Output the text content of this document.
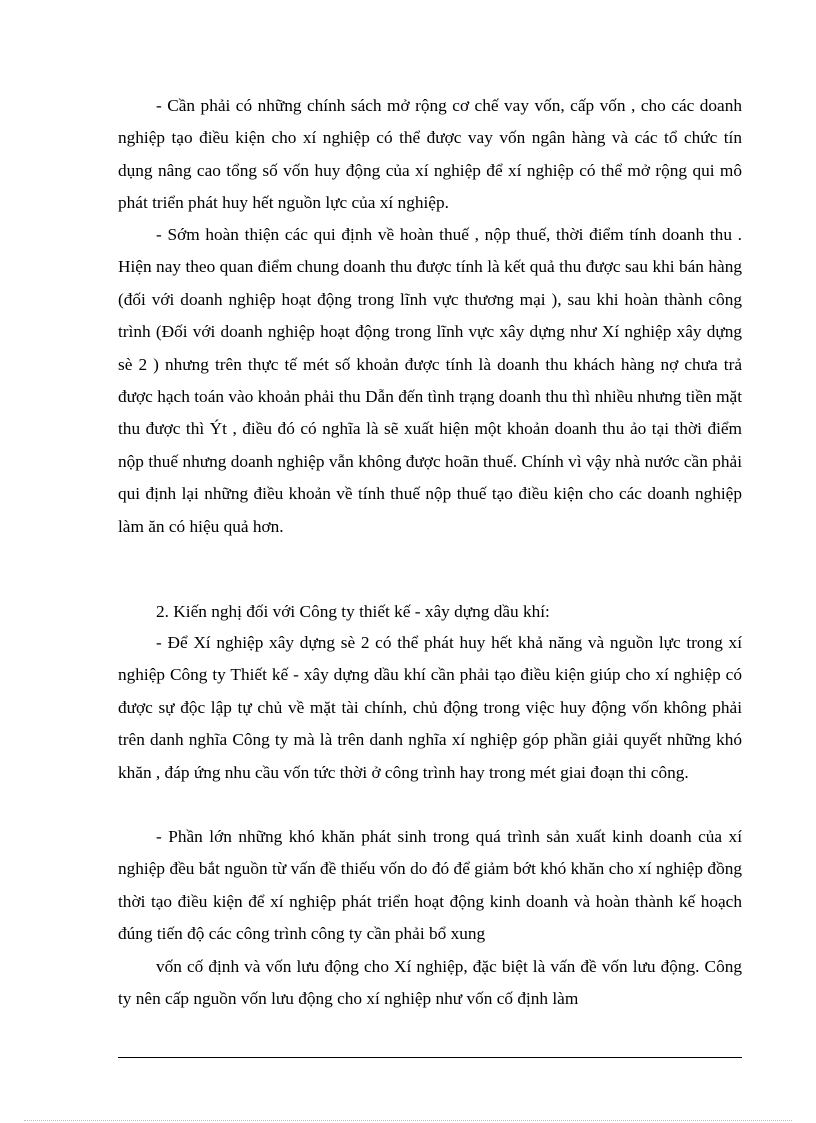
- Cần phải có những chính sách mở rộng cơ chế vay vốn, cấp vốn , cho các doanh nghiệp tạo điều kiện cho xí nghiệp có thể được vay vốn ngân hàng và các tổ chức tín dụng nâng cao tổng số vốn huy động của xí nghiệp để xí nghiệp có thể mở rộng qui mô phát triển phát huy hết nguồn lực của xí nghiệp.

- Sớm hoàn thiện các qui định về hoàn thuế , nộp thuế, thời điểm tính doanh thu . Hiện nay theo quan điểm chung doanh thu được tính là kết quả thu được sau khi bán hàng (đối với doanh nghiệp hoạt động trong lĩnh vực thương mại ), sau khi hoàn thành công trình (Đối với doanh nghiệp hoạt động trong lĩnh vực xây dựng như Xí nghiệp xây dựng sè 2 ) nhưng trên thực tế mét số khoản được tính là doanh thu khách hàng nợ chưa trả được hạch toán vào khoản phải thu Dẫn đến tình trạng doanh thu thì nhiều nhưng tiền mặt thu được thì Ýt , điều đó có nghĩa là sẽ xuất hiện một khoản doanh thu ảo tại thời điểm nộp thuế nhưng doanh nghiệp vẫn không được hoãn thuế. Chính vì vậy nhà nước cần phải qui định lại những điều khoản về tính thuế nộp thuế tạo điều kiện cho các doanh nghiệp làm ăn có hiệu quả hơn.

2. Kiến nghị đối với Công ty thiết kế - xây dựng dầu khí:

- Để Xí nghiệp xây dựng sè 2 có thể phát huy hết khả năng và nguồn lực trong xí nghiệp Công ty Thiết kế - xây dựng dầu khí cần phải tạo điều kiện giúp cho xí nghiệp có được sự độc lập tự chủ về mặt tài chính, chủ động trong việc huy động vốn không phải trên danh nghĩa Công ty mà là trên danh nghĩa xí nghiệp góp phần giải quyết những khó khăn , đáp ứng nhu cầu vốn tức thời ở công trình hay trong mét giai đoạn thi công.

- Phần lớn những khó khăn phát sinh trong quá trình sản xuất kinh doanh của xí nghiệp đều bắt nguồn từ vấn đề thiếu vốn do đó để giảm bớt khó khăn cho xí nghiệp đồng thời tạo điều kiện để xí nghiệp phát triển hoạt động kinh doanh và hoàn thành kế hoạch đúng tiến độ các công trình công ty cần phải bổ xung

vốn cố định và vốn lưu động cho Xí nghiệp, đặc biệt là vấn đề vốn lưu động. Công ty nên cấp nguồn vốn lưu động cho xí nghiệp như vốn cố định làm
